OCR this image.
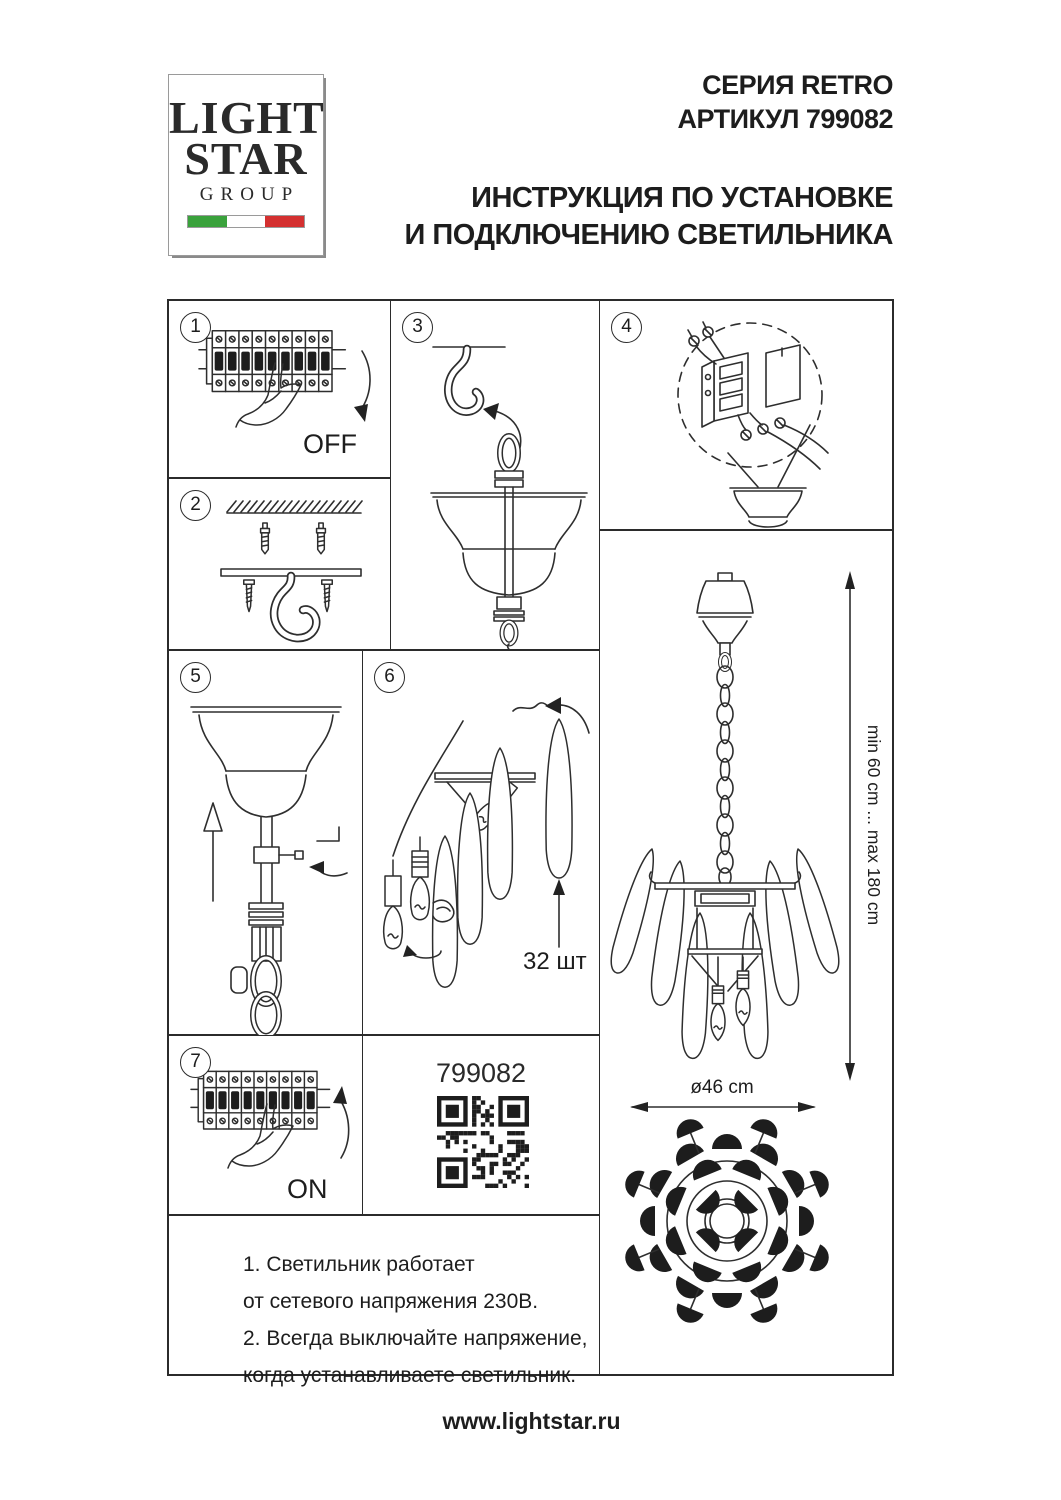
LIGHT
STAR
GROUP
СЕРИЯ RETRO
АРТИКУЛ 799082
ИНСТРУКЦИЯ ПО УСТАНОВКЕ
И ПОДКЛЮЧЕНИЮ СВЕТИЛЬНИКА
1
OFF
2
3	4
5	6
32 шт
7
ON
799082
1. Светильник работает
от сетевого напряжения 230В.
2. Всегда выключайте напряжение,
когда устанавливаете светильник.
min 60 cm ... max 180 cm
ø46 cm
www.lightstar.ru
